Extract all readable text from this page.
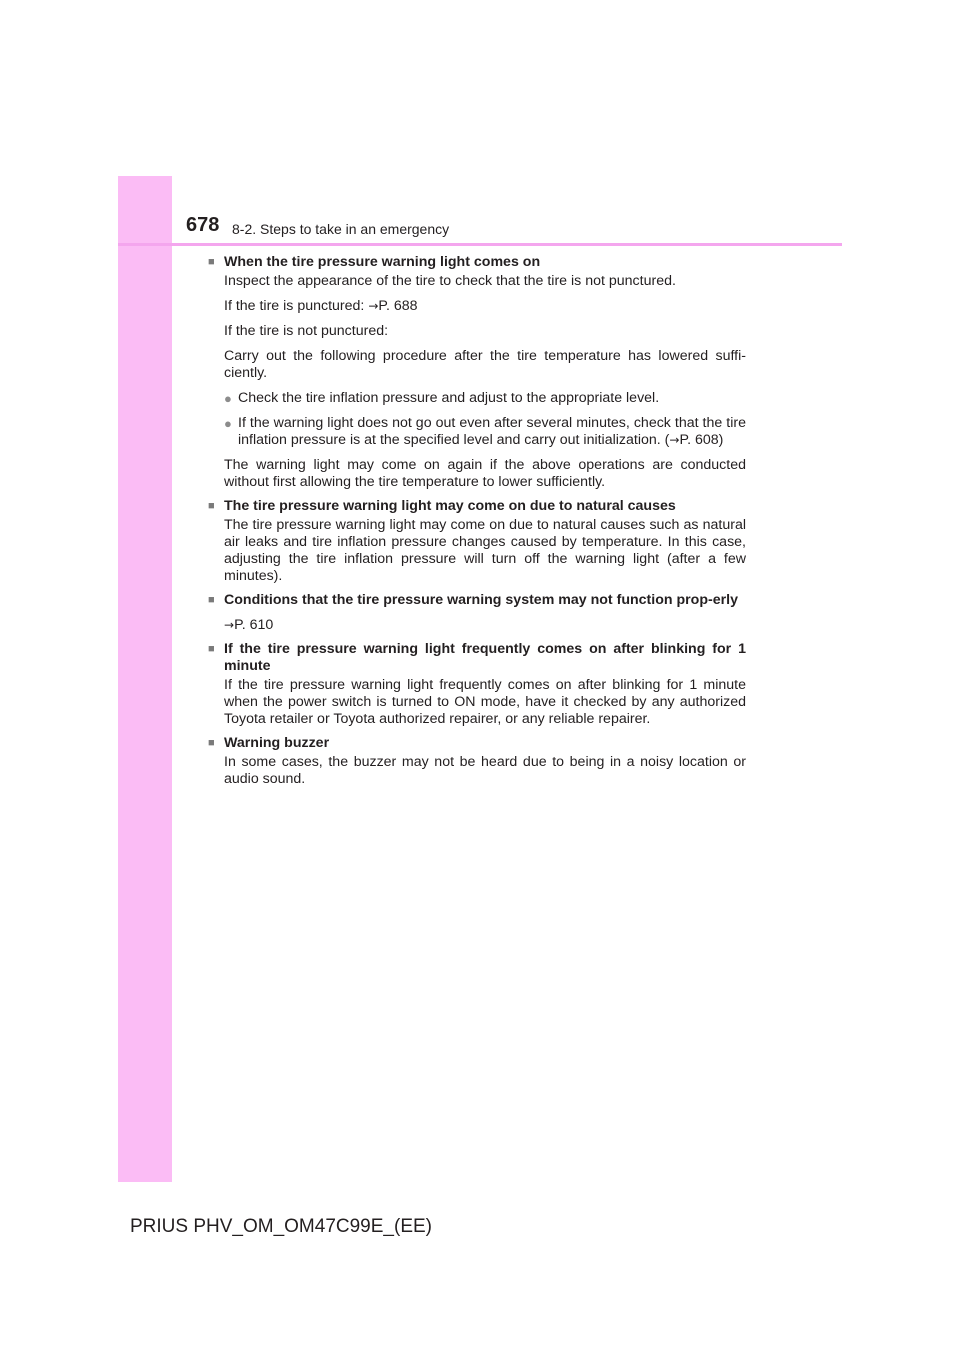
678 8-2. Steps to take in an emergency
■ When the tire pressure warning light comes on
Inspect the appearance of the tire to check that the tire is not punctured.
If the tire is punctured: →P. 688
If the tire is not punctured:
Carry out the following procedure after the tire temperature has lowered suffi-ciently.
● Check the tire inflation pressure and adjust to the appropriate level.
● If the warning light does not go out even after several minutes, check that the tire inflation pressure is at the specified level and carry out initialization. (→P. 608)
The warning light may come on again if the above operations are conducted without first allowing the tire temperature to lower sufficiently.
■ The tire pressure warning light may come on due to natural causes
The tire pressure warning light may come on due to natural causes such as natural air leaks and tire inflation pressure changes caused by temperature. In this case, adjusting the tire inflation pressure will turn off the warning light (after a few minutes).
■ Conditions that the tire pressure warning system may not function prop-erly
→P. 610
■ If the tire pressure warning light frequently comes on after blinking for 1 minute
If the tire pressure warning light frequently comes on after blinking for 1 minute when the power switch is turned to ON mode, have it checked by any authorized Toyota retailer or Toyota authorized repairer, or any reliable repairer.
■ Warning buzzer
In some cases, the buzzer may not be heard due to being in a noisy location or audio sound.
PRIUS PHV_OM_OM47C99E_(EE)
